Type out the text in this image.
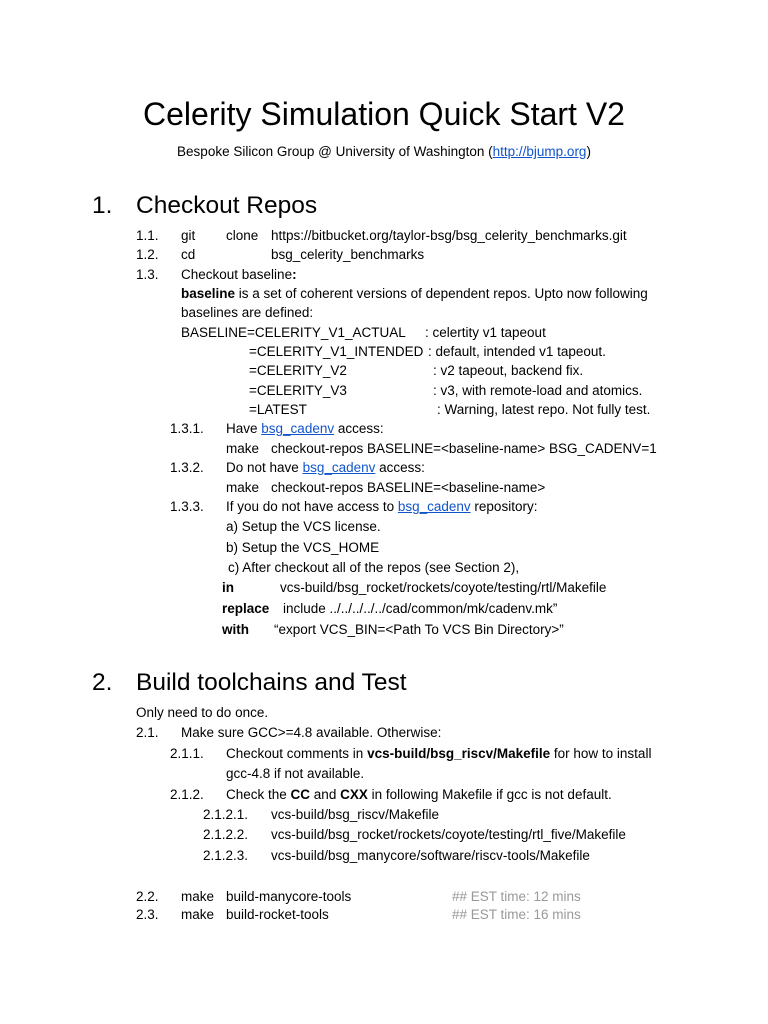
Celerity Simulation Quick Start V2
Bespoke Silicon Group @ University of Washington (http://bjump.org)
1. Checkout Repos
1.1. git clone https://bitbucket.org/taylor-bsg/bsg_celerity_benchmarks.git
1.2. cd	bsg_celerity_benchmarks
1.3. Checkout baseline:
baseline is a set of coherent versions of dependent repos. Upto now following
baselines are defined:
BASELINE=CELERITY_V1_ACTUAL : celertity v1 tapeout
=CELERITY_V1_INTENDED : default, intended v1 tapeout.
=CELERITY_V2	: v2 tapeout, backend fix.
=CELERITY_V3	: v3, with remote-load and atomics.
=LATEST	: Warning, latest repo. Not fully test.
1.3.1. Have bsg_cadenv access:
make checkout-repos BASELINE=<baseline-name> BSG_CADENV=1
1.3.2. Do not have bsg_cadenv access:
make checkout-repos BASELINE=<baseline-name>
1.3.3. If you do not have access to bsg_cadenv repository:
a) Setup the VCS license.
b) Setup the VCS_HOME
c) After checkout all of the repos (see Section 2),
in	vcs-build/bsg_rocket/rockets/coyote/testing/rtl/Makefile
replace include ../../../../../cad/common/mk/cadenv.mk”
with “export VCS_BIN=<Path To VCS Bin Directory>”
2. Build toolchains and Test
Only need to do once.
2.1. Make sure GCC>=4.8 available. Otherwise:
2.1.1. Checkout comments in vcs-build/bsg_riscv/Makefile for how to install
gcc-4.8 if not available.
2.1.2. Check the CC and CXX in following Makefile if gcc is not default.
2.1.2.1. vcs-build/bsg_riscv/Makefile
2.1.2.2. vcs-build/bsg_rocket/rockets/coyote/testing/rtl_five/Makefile
2.1.2.3. vcs-build/bsg_manycore/software/riscv-tools/Makefile
2.2. make build-manycore-tools	## EST time: 12 mins
2.3. make build-rocket-tools	## EST time: 16 mins
